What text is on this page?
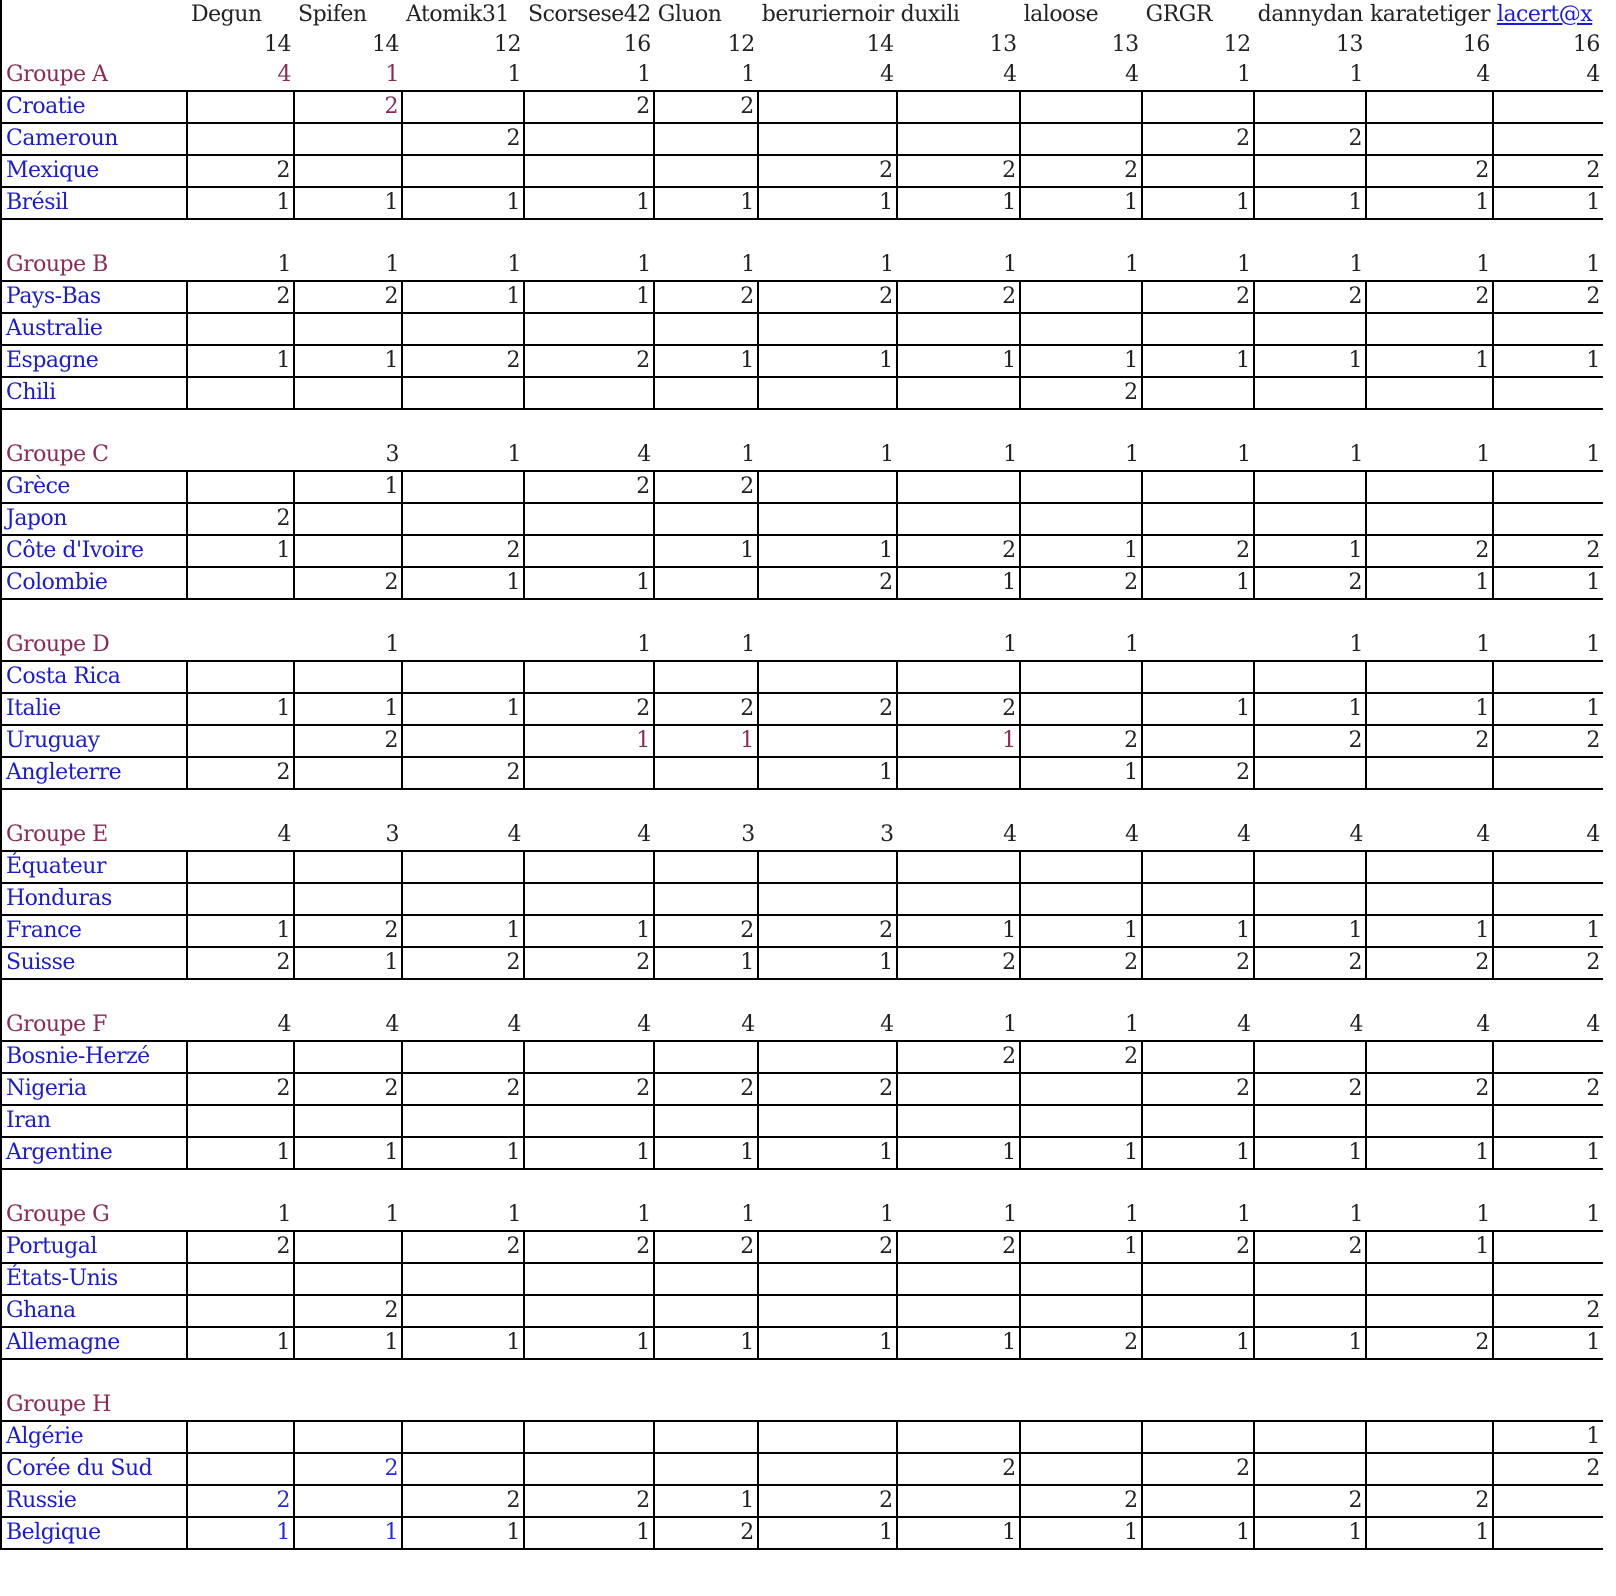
	Degun	Spifen	Atomik31	Scorsese42	Gluon	beruriernoir	duxili	laloose	GRGR	dannydan	karatetiger	lacert@x
	14	14	12	16	12	14	13	13	12	13	16	16
Groupe A	4	1	1	1	1	4	4	4	1	1	4	4
Croatie		2		2	2							
Cameroun			2						2	2		
Mexique	2					2	2	2			2	2
Brésil	1	1	1	1	1	1	1	1	1	1	1	1

Groupe B	1	1	1	1	1	1	1	1	1	1	1	1
Pays-Bas	2	2	1	1	2	2	2		2	2	2	2
Australie												
Espagne	1	1	2	2	1	1	1	1	1	1	1	1
Chili								2				

Groupe C		3	1	4	1	1	1	1	1	1	1	1
Grèce		1		2	2							
Japon	2											
Côte d'Ivoire	1		2		1	1	2	1	2	1	2	2
Colombie		2	1	1		2	1	2	1	2	1	1

Groupe D		1		1	1		1	1		1	1	1
Costa Rica												
Italie	1	1	1	2	2	2	2		1	1	1	1
Uruguay		2		1	1		1	2		2	2	2
Angleterre	2		2			1		1	2			

Groupe E	4	3	4	4	3	3	4	4	4	4	4	4
Équateur												
Honduras												
France	1	2	1	1	2	2	1	1	1	1	1	1
Suisse	2	1	2	2	1	1	2	2	2	2	2	2

Groupe F	4	4	4	4	4	4	1	1	4	4	4	4
Bosnie-Herzé							2	2				
Nigeria	2	2	2	2	2	2			2	2	2	2
Iran												
Argentine	1	1	1	1	1	1	1	1	1	1	1	1

Groupe G	1	1	1	1	1	1	1	1	1	1	1	1
Portugal	2		2	2	2	2	2	1	2	2	1	
États-Unis												
Ghana		2										2
Allemagne	1	1	1	1	1	1	1	2	1	1	2	1

Groupe H												
Algérie												1
Corée du Sud		2					2		2			2
Russie	2		2	2	1	2		2		2	2	
Belgique	1	1	1	1	2	1	1	1	1	1	1	
